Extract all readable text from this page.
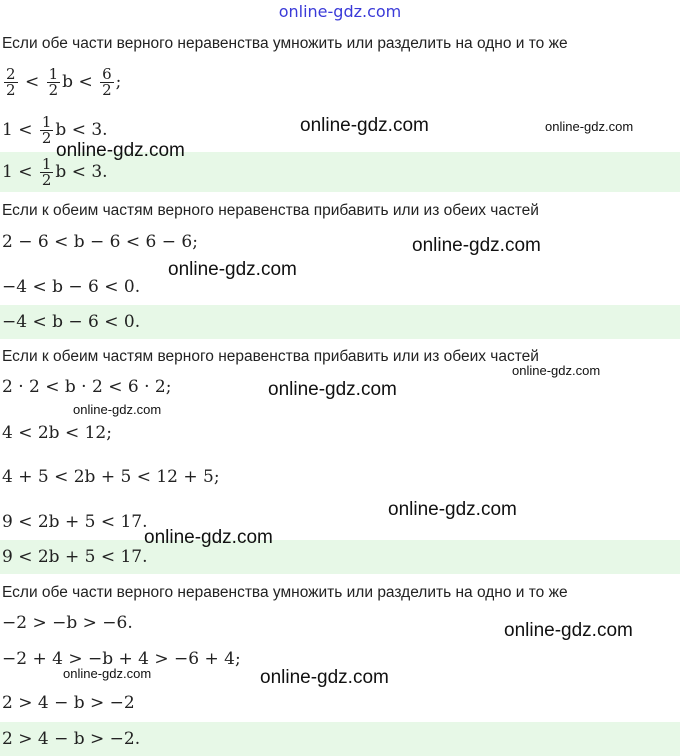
online-gdz.com
Если обе части верного неравенства умножить или разделить на одно и то же
$\frac{2}{2} < \frac{1}{2}$ $b < \frac{6}{2}$ ;
$1 < \frac{1}{2}$ b < 3.
$1 < \frac{1}{2}$ b < 3.
Если к обеим частям верного неравенства прибавить или из обеих частей
2 − 6 < b − 6 < 6 − 6;
−4 < b − 6 < 0.
−4 < b − 6 < 0.
Если к обеим частям верного неравенства прибавить или из обеих частей
2 · 2 < b · 2 < 6 · 2;
4 < 2b < 12;
4 + 5 < 2b + 5 < 12 + 5;
9 < 2b + 5 < 17.
9 < 2b + 5 < 17.
Если обе части верного неравенства умножить или разделить на одно и то же
−2 > −b > −6.
−2 + 4 > −b + 4 > −6 + 4;
2 > 4 − b > −2
2 > 4 − b > −2.
online-gdz.com	online-gdz.com
online-gdz.com
online-gdz.com
online-gdz.com
online-gdz.com
online-gdz.com
online-gdz.com
online-gdz.com
online-gdz.com
online-gdz.com
online-gdz.com	online-gdz.com
